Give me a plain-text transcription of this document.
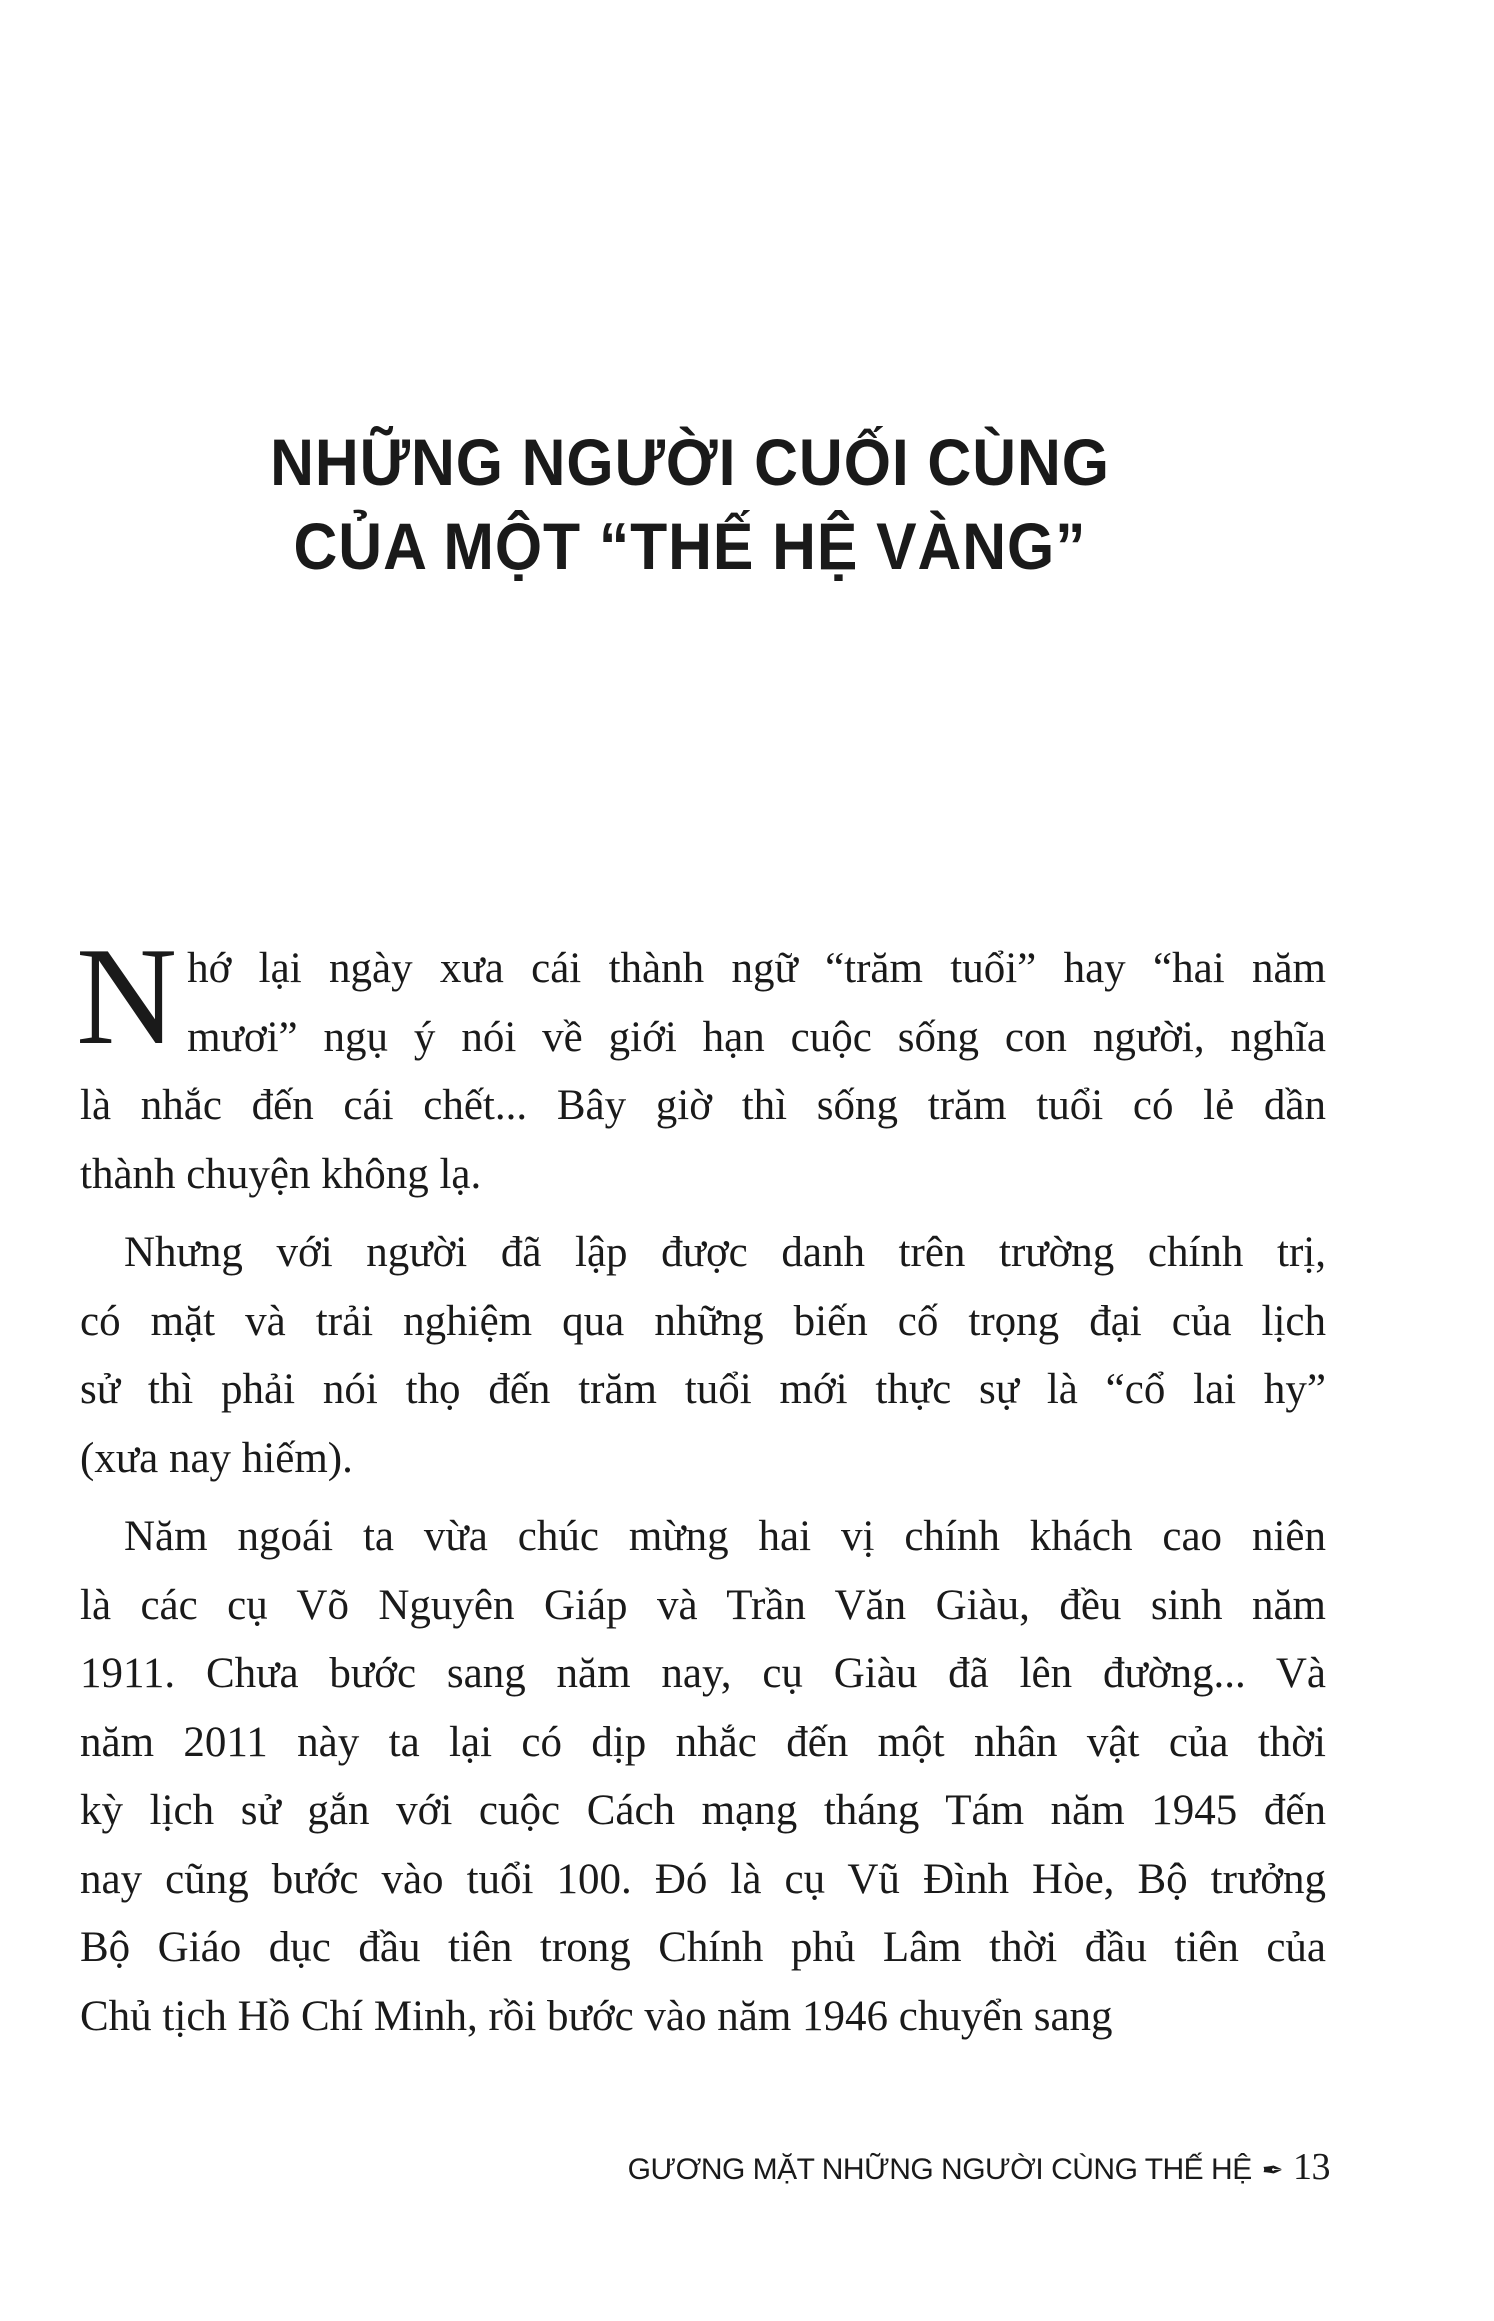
NHỮNG NGƯỜI CUỐI CÙNG
CỦA MỘT “THẾ HỆ VÀNG”
N hớ lại ngày xưa cái thành ngữ “trăm tuổi” hay “hai năm
mươi” ngụ ý nói về giới hạn cuộc sống con người, nghĩa
là nhắc đến cái chết... Bây giờ thì sống trăm tuổi có lẻ dần
thành chuyện không lạ.
Nhưng với người đã lập được danh trên trường chính trị,
có mặt và trải nghiệm qua những biến cố trọng đại của lịch
sử thì phải nói thọ đến trăm tuổi mới thực sự là “cổ lai hy”
(xưa nay hiếm).
Năm ngoái ta vừa chúc mừng hai vị chính khách cao niên
là các cụ Võ Nguyên Giáp và Trần Văn Giàu, đều sinh năm
1911. Chưa bước sang năm nay, cụ Giàu đã lên đường... Và
năm 2011 này ta lại có dịp nhắc đến một nhân vật của thời
kỳ lịch sử gắn với cuộc Cách mạng tháng Tám năm 1945 đến
nay cũng bước vào tuổi 100. Đó là cụ Vũ Đình Hòe, Bộ trưởng
Bộ Giáo dục đầu tiên trong Chính phủ Lâm thời đầu tiên của
Chủ tịch Hồ Chí Minh, rồi bước vào năm 1946 chuyển sang
GƯƠNG MẶT NHỮNG NGƯỜI CÙNG THẾ HỆ ✒ 13
